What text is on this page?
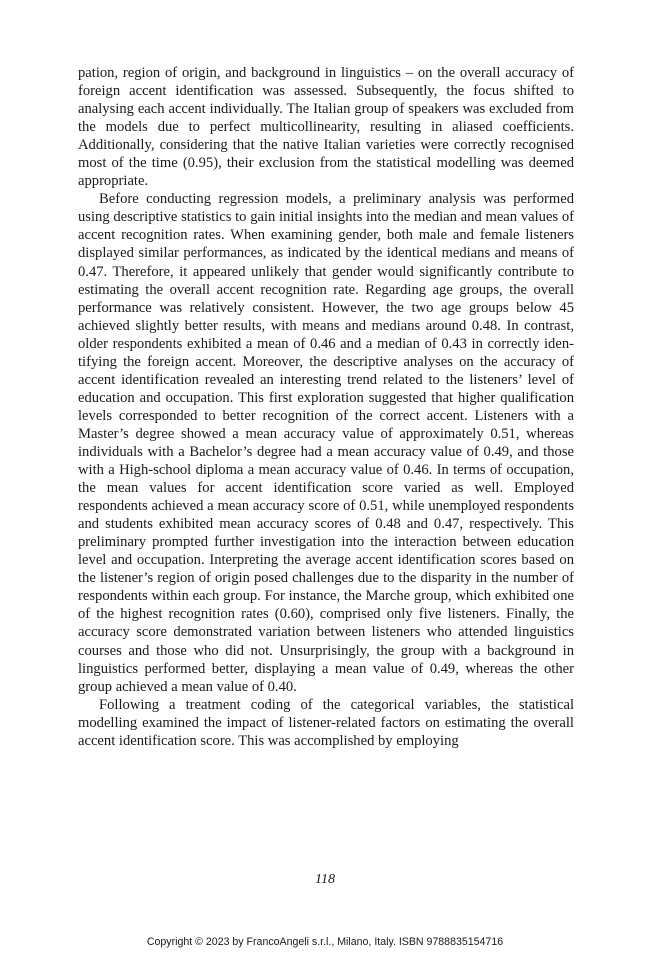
pation, region of origin, and background in linguistics – on the overall accuracy of foreign accent identification was assessed. Subsequently, the focus shifted to analysing each accent individually. The Italian group of speakers was excluded from the models due to perfect multicollinearity, resulting in aliased coefficients. Additionally, considering that the native Italian varieties were correctly recognised most of the time (0.95), their exclusion from the statistical modelling was deemed appropriate.

Before conducting regression models, a preliminary analysis was performed using descriptive statistics to gain initial insights into the median and mean values of accent recognition rates. When examining gender, both male and female listeners displayed similar performances, as indicated by the identical medians and means of 0.47. Therefore, it appeared unlikely that gender would significantly contribute to estimating the overall accent recognition rate. Regarding age groups, the overall performance was relatively consistent. However, the two age groups below 45 achieved slightly better results, with means and medians around 0.48. In contrast, older respondents exhibited a mean of 0.46 and a median of 0.43 in correctly identifying the foreign accent. Moreover, the descriptive analyses on the accuracy of accent identification revealed an interesting trend related to the listeners’ level of education and occupation. This first exploration suggested that higher qualification levels corresponded to better recognition of the correct accent. Listeners with a Master’s degree showed a mean accuracy value of approximately 0.51, whereas individuals with a Bachelor’s degree had a mean accuracy value of 0.49, and those with a High-school diploma a mean accuracy value of 0.46. In terms of occupation, the mean values for accent identification score varied as well. Employed respondents achieved a mean accuracy score of 0.51, while unemployed respondents and students exhibited mean accuracy scores of 0.48 and 0.47, respectively. This preliminary prompted further investigation into the interaction between education level and occupation. Interpreting the average accent identification scores based on the listener’s region of origin posed challenges due to the disparity in the number of respondents within each group. For instance, the Marche group, which exhibited one of the highest recognition rates (0.60), comprised only five listeners. Finally, the accuracy score demonstrated variation between listeners who attended linguistics courses and those who did not. Unsurprisingly, the group with a background in linguistics performed better, displaying a mean value of 0.49, whereas the other group achieved a mean value of 0.40.

Following a treatment coding of the categorical variables, the statistical modelling examined the impact of listener-related factors on estimating the overall accent identification score. This was accomplished by employing

118
Copyright © 2023 by FrancoAngeli s.r.l., Milano, Italy. ISBN 9788835154716
